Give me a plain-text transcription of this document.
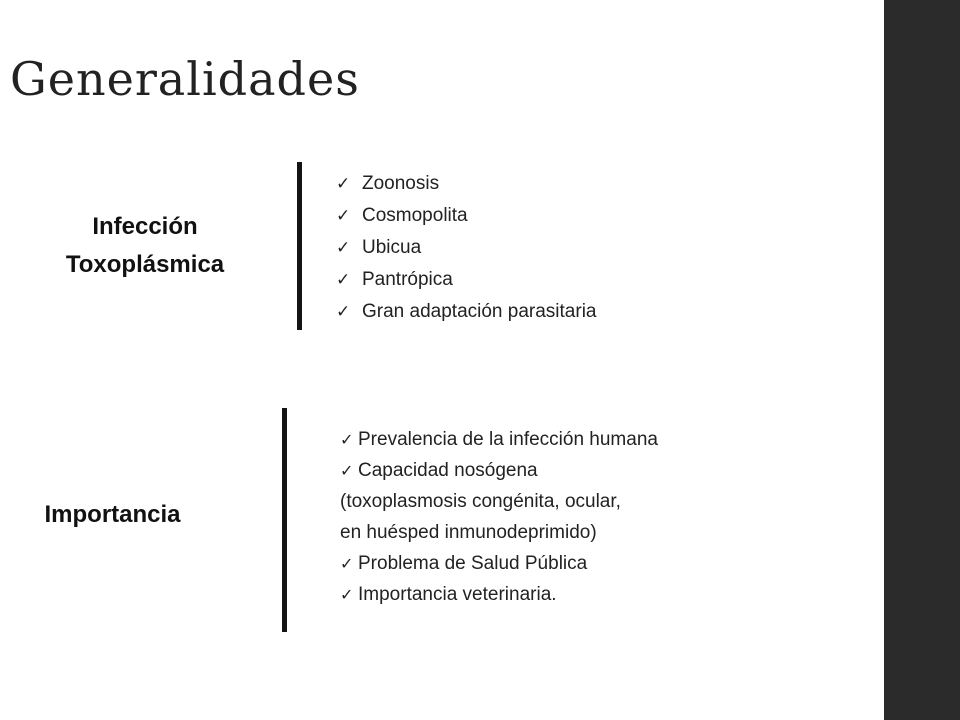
Generalidades
Infección
Toxoplásmica
✓ Zoonosis
✓ Cosmopolita
✓ Ubicua
✓ Pantrópica
✓ Gran adaptación parasitaria
Importancia
✓ Prevalencia de la infección humana
✓ Capacidad nosógena
(toxoplasmosis congénita, ocular,
en huésped inmunodeprimido)
✓ Problema de Salud Pública
✓ Importancia veterinaria.
